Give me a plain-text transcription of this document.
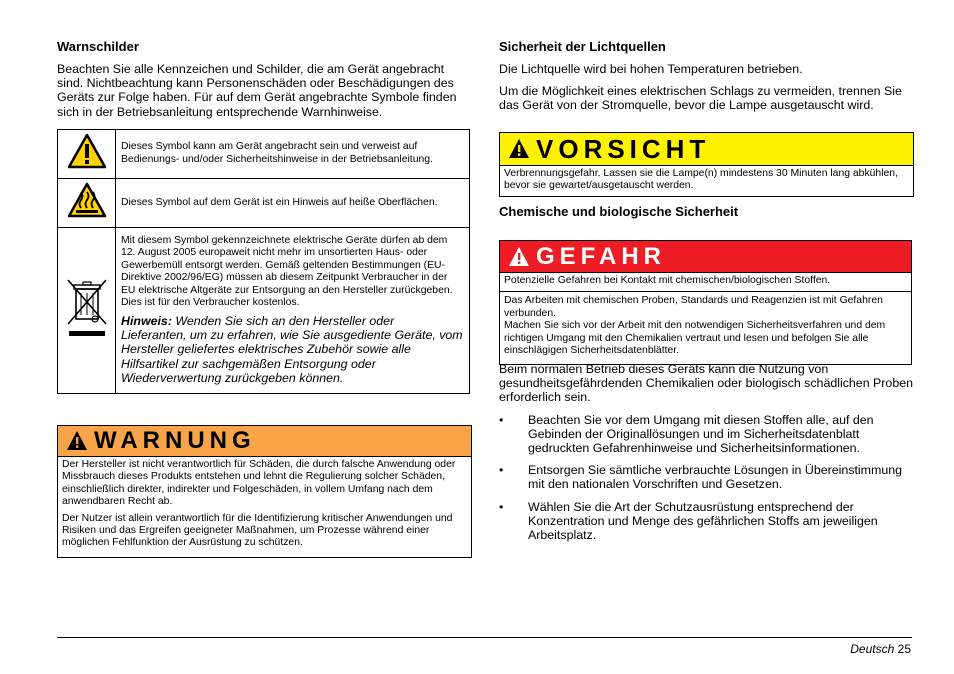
Warnschilder

Beachten Sie alle Kennzeichen und Schilder, die am Gerät angebracht sind. Nichtbeachtung kann Personenschäden oder Beschädigungen des Geräts zur Folge haben. Für auf dem Gerät angebrachte Symbole finden sich in der Betriebsanleitung entsprechende Warnhinweise.

	Dieses Symbol kann am Gerät angebracht sein und verweist auf Bedienungs- und/oder Sicherheitshinweise in der Betriebsanleitung.
	Dieses Symbol auf dem Gerät ist ein Hinweis auf heiße Oberflächen.

Mit diesem Symbol gekennzeichnete elektrische Geräte dürfen ab dem 12. August 2005 europaweit nicht mehr im unsortierten Haus- oder Gewerbemüll entsorgt werden. Gemäß geltenden Bestimmungen (EU-Direktive 2002/96/EG) müssen ab diesem Zeitpunkt Verbraucher in der EU elektrische Altgeräte zur Entsorgung an den Hersteller zurückgeben. Dies ist für den Verbraucher kostenlos.
Hinweis: Wenden Sie sich an den Hersteller oder Lieferanten, um zu erfahren, wie Sie ausgediente Geräte, vom Hersteller geliefertes elektrisches Zubehör sowie alle Hilfsartikel zur sachgemäßen Entsorgung oder Wiederverwertung zurückgeben können.
WARNUNG

Der Hersteller ist nicht verantwortlich für Schäden, die durch falsche Anwendung oder Missbrauch dieses Produkts entstehen und lehnt die Regulierung solcher Schäden, einschließlich direkter, indirekter und Folgeschäden, in vollem Umfang nach dem anwendbaren Recht ab.

Der Nutzer ist allein verantwortlich für die Identifizierung kritischer Anwendungen und Risiken und das Ergreifen geeigneter Maßnahmen, um Prozesse während einer möglichen Fehlfunktion der Ausrüstung zu schützen.

Sicherheit der Lichtquellen

Die Lichtquelle wird bei hohen Temperaturen betrieben.

Um die Möglichkeit eines elektrischen Schlags zu vermeiden, trennen Sie das Gerät von der Stromquelle, bevor die Lampe ausgetauscht wird.

VORSICHT
Verbrennungsgefahr. Lassen sie die Lampe(n) mindestens 30 Minuten lang abkühlen, bevor sie gewartet/ausgetauscht werden.
Chemische und biologische Sicherheit
GEFAHR

Potenzielle Gefahren bei Kontakt mit chemischen/biologischen Stoffen.

Das Arbeiten mit chemischen Proben, Standards und Reagenzien ist mit Gefahren verbunden.
Machen Sie sich vor der Arbeit mit den notwendigen Sicherheitsverfahren und dem richtigen Umgang mit den Chemikalien vertraut und lesen und befolgen Sie alle einschlägigen Sicherheitsdatenblätter.

Beim normalen Betrieb dieses Geräts kann die Nutzung von gesundheitsgefährdenden Chemikalien oder biologisch schädlichen Proben erforderlich sein.

• Beachten Sie vor dem Umgang mit diesen Stoffen alle, auf den Gebinden der Originallösungen und im Sicherheitsdatenblatt gedruckten Gefahrenhinweise und Sicherheitsinformationen.
• Entsorgen Sie sämtliche verbrauchte Lösungen in Übereinstimmung mit den nationalen Vorschriften und Gesetzen.
• Wählen Sie die Art der Schutzausrüstung entsprechend der Konzentration und Menge des gefährlichen Stoffs am jeweiligen Arbeitsplatz.
Deutsch 25
